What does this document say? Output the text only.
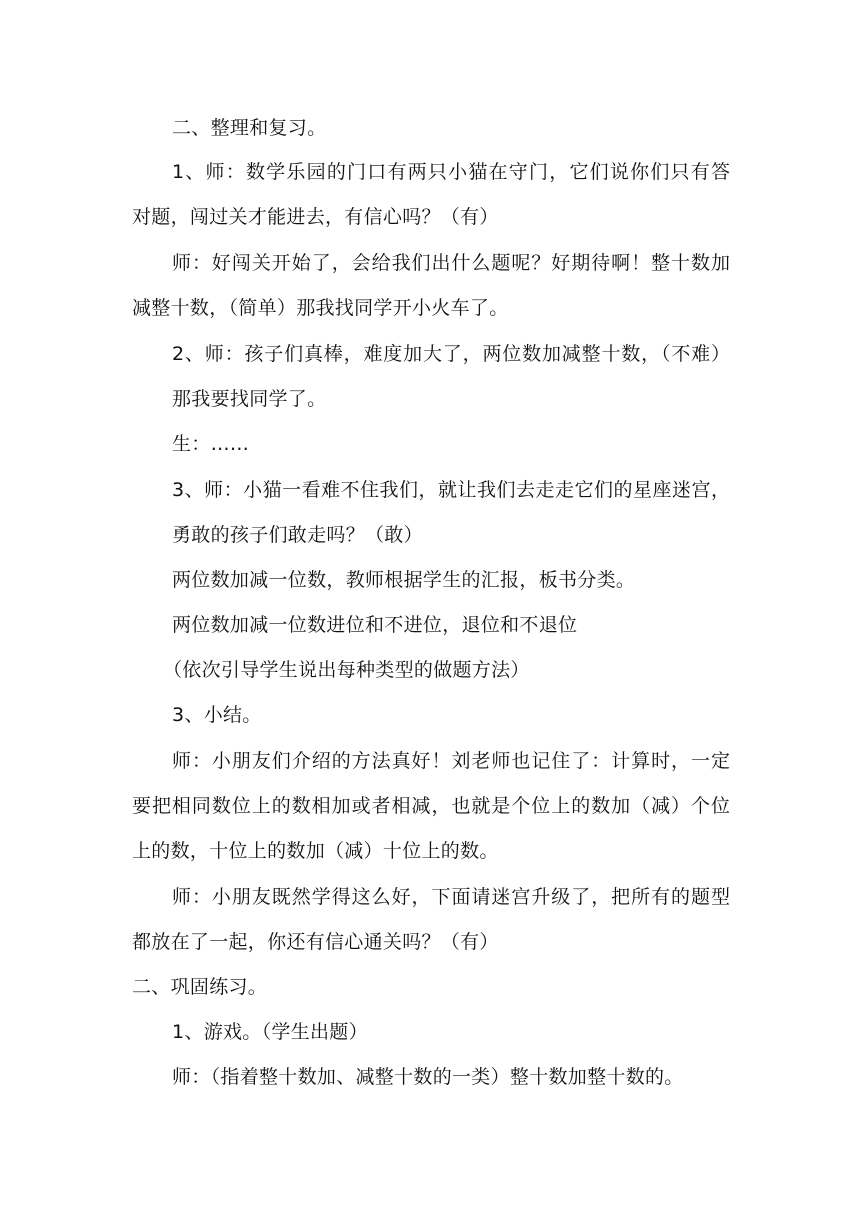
二、整理和复习。
1、师：数学乐园的门口有两只小猫在守门，它们说你们只有答
对题，闯过关才能进去，有信心吗？（有）
师：好闯关开始了，会给我们出什么题呢？好期待啊！整十数加
减整十数，（简单）那我找同学开小火车了。
2、师：孩子们真棒，难度加大了，两位数加减整十数，（不难）
那我要找同学了。
生：……
3、师：小猫一看难不住我们，就让我们去走走它们的星座迷宫，
勇敢的孩子们敢走吗？（敢）
两位数加减一位数，教师根据学生的汇报，板书分类。
两位数加减一位数进位和不进位，退位和不退位
（依次引导学生说出每种类型的做题方法）
3、小结。
师：小朋友们介绍的方法真好！刘老师也记住了：计算时，一定
要把相同数位上的数相加或者相减，也就是个位上的数加（减）个位
上的数，十位上的数加（减）十位上的数。
师：小朋友既然学得这么好，下面请迷宫升级了，把所有的题型
都放在了一起，你还有信心通关吗？（有）
二、巩固练习。
1、游戏。（学生出题）
师：（指着整十数加、减整十数的一类）整十数加整十数的。
